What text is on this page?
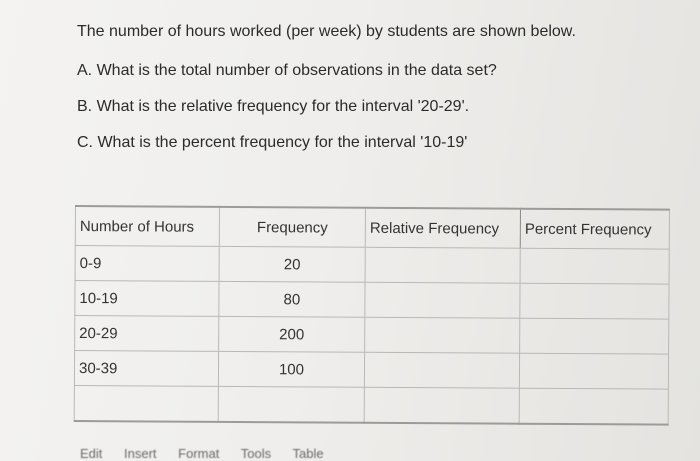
The number of hours worked (per week) by students are shown below.
A. What is the total number of observations in the data set?
B. What is the relative frequency for the interval '20-29'.
C. What is the percent frequency for the interval '10-19'
Number of Hours	Frequency	Relative Frequency	Percent Frequency
0-9	20		
10-19	80		
20-29	200		
30-39	100		

Edit Insert Format Tools Table
